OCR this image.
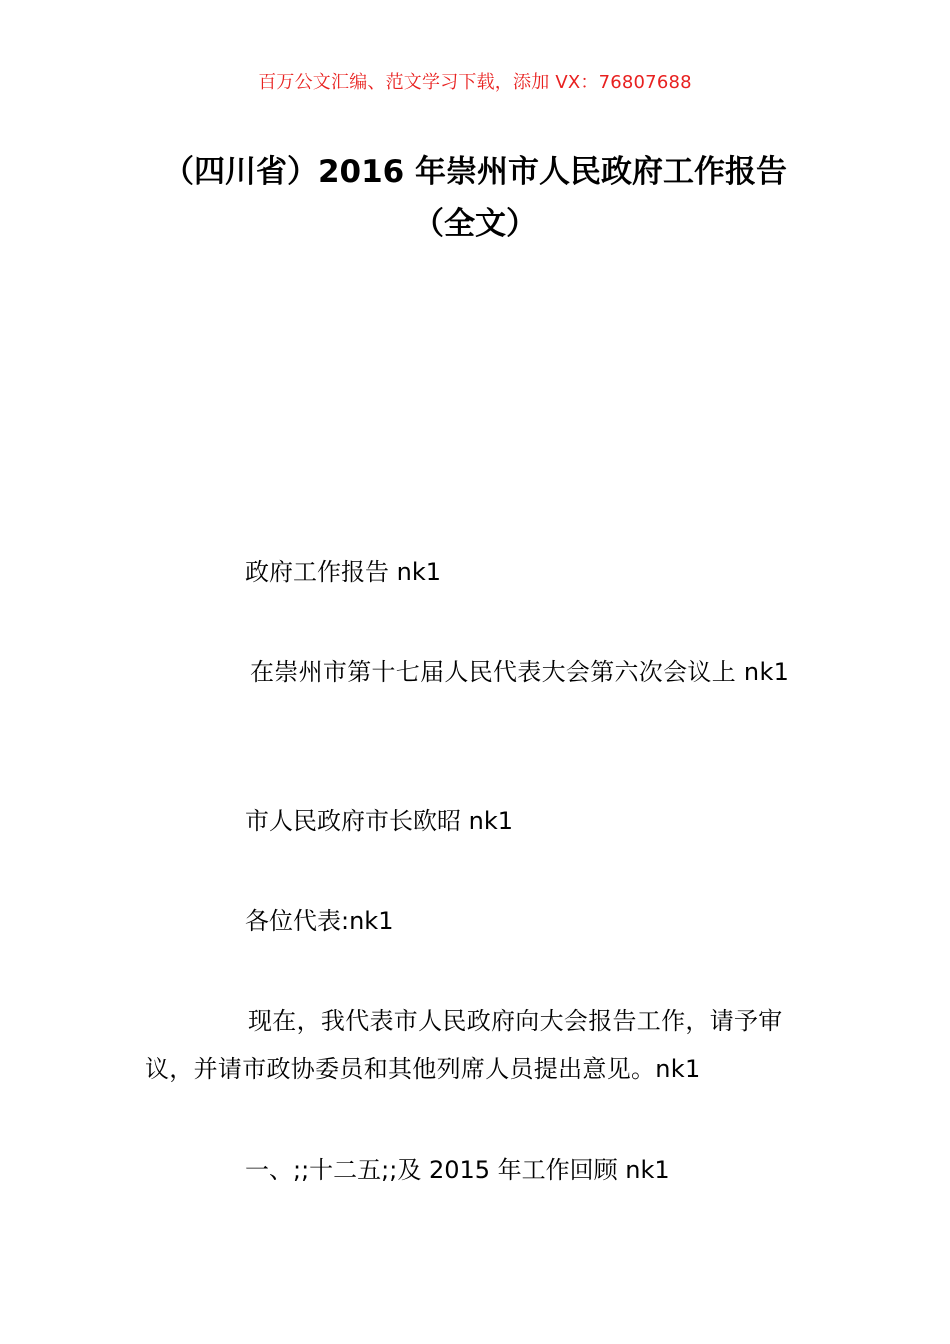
百万公文汇编、范文学习下载，添加 VX：76807688
（四川省）2016 年崇州市人民政府工作报告（全文）
政府工作报告 nk1
在崇州市第十七届人民代表大会第六次会议上 nk1
市人民政府市长欧昭 nk1
各位代表:nk1
现在，我代表市人民政府向大会报告工作，请予审议，并请市政协委员和其他列席人员提出意见。nk1
一、;;十二五;;及 2015 年工作回顾 nk1
